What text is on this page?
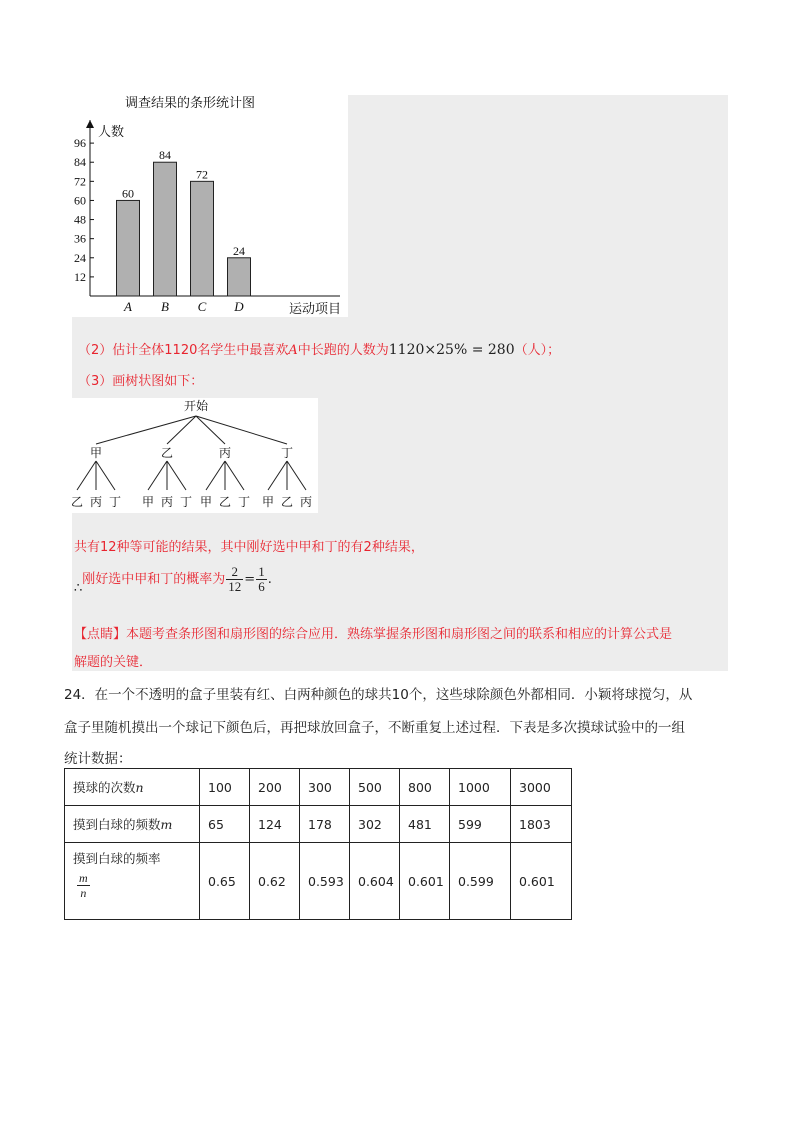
调查结果的条形统计图
人数
运动项目
12
24
36
48
60
72
84
96
60
A
84
B
72
C
24
D
（2）估计全体1120名学生中最喜欢A中长跑的人数为1120×25% = 280（人）；
（3）画树状图如下：
开始
甲
乙 丙 丁
乙
甲 丙 丁
丙
甲 乙 丁
丁
甲 乙 丙
共有12种等可能的结果，其中刚好选中甲和丁的有2种结果，
∴刚好选中甲和丁的概率为 $\frac{2}{12} = \frac{1}{6}$ .
【点睛】本题考查条形图和扇形图的综合应用．熟练掌握条形图和扇形图之间的联系和相应的计算公式是
解题的关键．
24．在一个不透明的盒子里装有红、白两种颜色的球共10个，这些球除颜色外都相同．小颖将球搅匀，从
盒子里随机摸出一个球记下颜色后，再把球放回盒子，不断重复上述过程．下表是多次摸球试验中的一组
统计数据：
摸球的次数n	100	200	300	500	800	1000	3000
摸到白球的频数m	65	124	178	302	481	599	1803

摸到白球的频率
$\frac{m}{n}$	0.65	0.62	0.593	0.604	0.601	0.599	0.601
